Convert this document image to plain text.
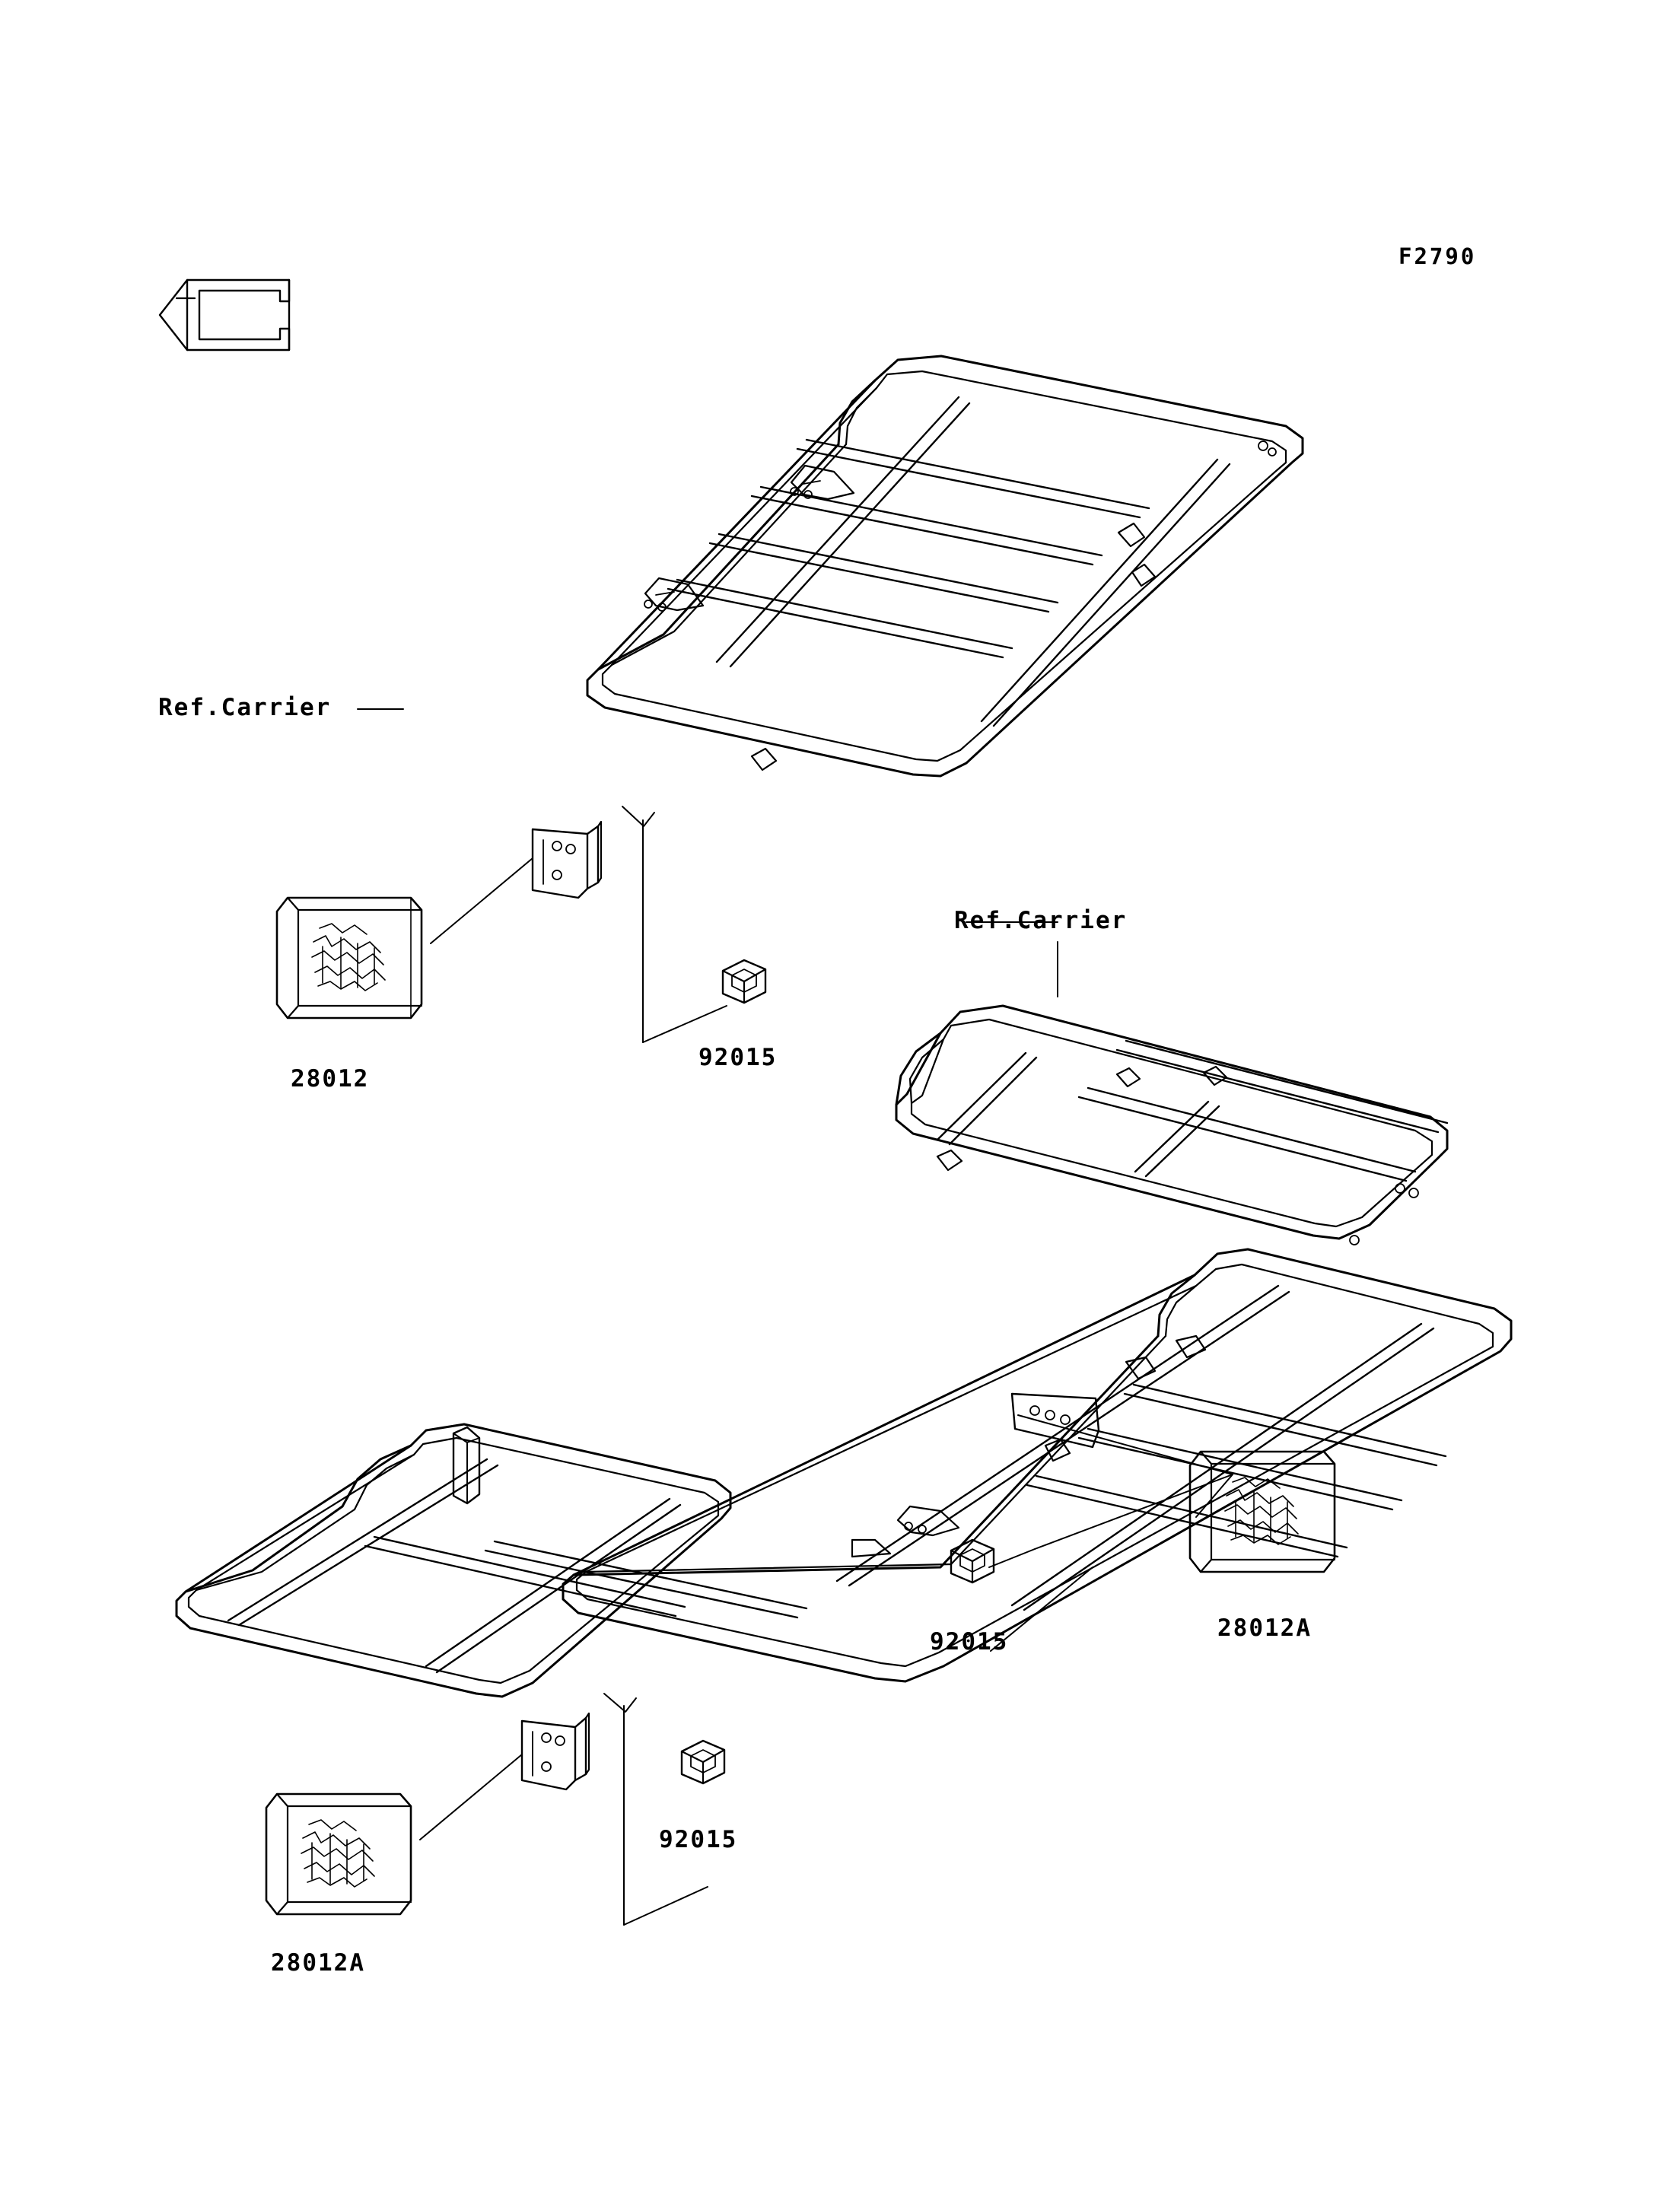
F2790
Ref.Carrier
Ref.Carrier
28012
92015
92015	28012A
92015
28012A
